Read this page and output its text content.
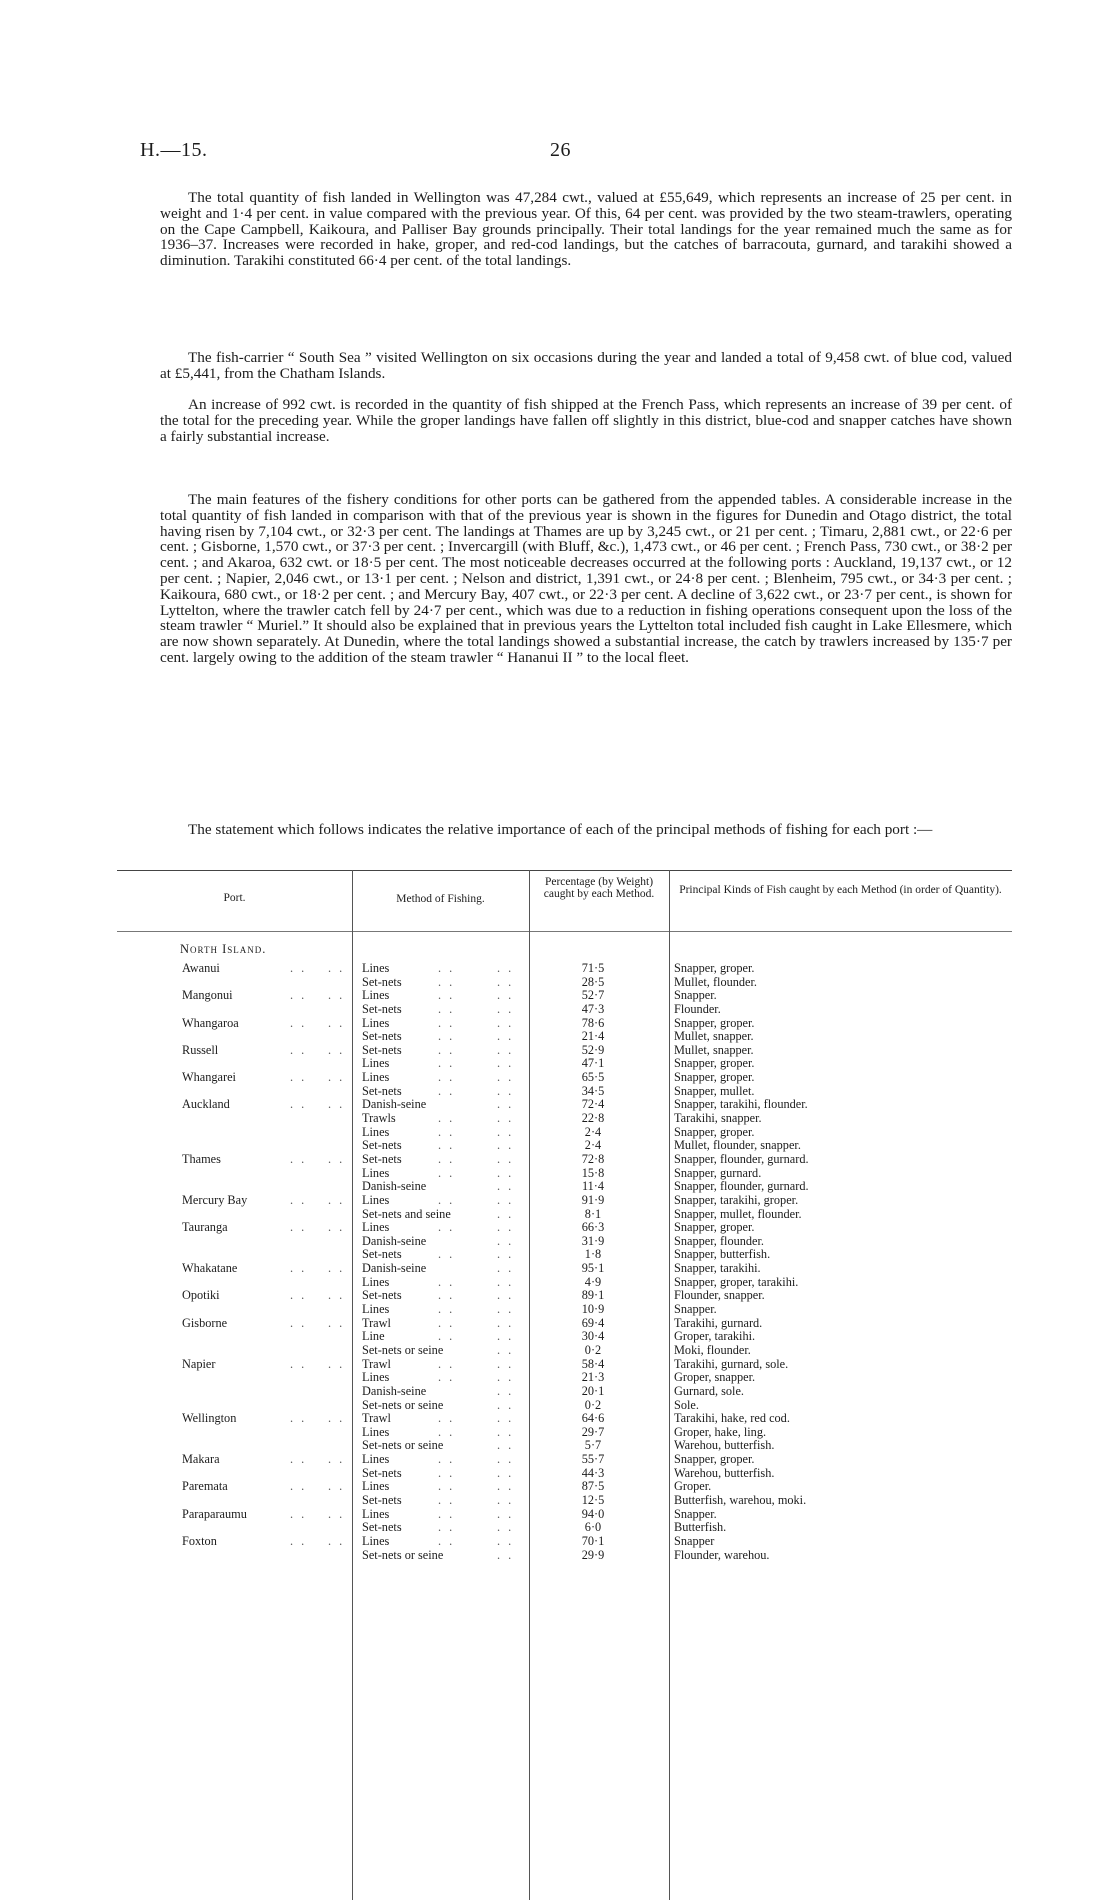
H.—15.	26

The total quantity of fish landed in Wellington was 47,284 cwt., valued at £55,649, which represents an increase of 25 per cent. in weight and 1·4 per cent. in value compared with the previous year. Of this, 64 per cent. was provided by the two steam-trawlers, operating on the Cape Campbell, Kaikoura, and Palliser Bay grounds principally. Their total landings for the year remained much the same as for 1936–37. Increases were recorded in hake, groper, and red-cod landings, but the catches of barracouta, gurnard, and tarakihi showed a diminution. Tarakihi constituted 66·4 per cent. of the total landings.

The fish-carrier “ South Sea ” visited Wellington on six occasions during the year and landed a total of 9,458 cwt. of blue cod, valued at £5,441, from the Chatham Islands.

An increase of 992 cwt. is recorded in the quantity of fish shipped at the French Pass, which represents an increase of 39 per cent. of the total for the preceding year. While the groper landings have fallen off slightly in this district, blue-cod and snapper catches have shown a fairly substantial increase.

The main features of the fishery conditions for other ports can be gathered from the appended tables. A considerable increase in the total quantity of fish landed in comparison with that of the previous year is shown in the figures for Dunedin and Otago district, the total having risen by 7,104 cwt., or 32·3 per cent. The landings at Thames are up by 3,245 cwt., or 21 per cent. ; Timaru, 2,881 cwt., or 22·6 per cent. ; Gisborne, 1,570 cwt., or 37·3 per cent. ; Invercargill (with Bluff, &c.), 1,473 cwt., or 46 per cent. ; French Pass, 730 cwt., or 38·2 per cent. ; and Akaroa, 632 cwt. or 18·5 per cent. The most noticeable decreases occurred at the following ports : Auckland, 19,137 cwt., or 12 per cent. ; Napier, 2,046 cwt., or 13·1 per cent. ; Nelson and district, 1,391 cwt., or 24·8 per cent. ; Blenheim, 795 cwt., or 34·3 per cent. ; Kaikoura, 680 cwt., or 18·2 per cent. ; and Mercury Bay, 407 cwt., or 22·3 per cent. A decline of 3,622 cwt., or 23·7 per cent., is shown for Lyttelton, where the trawler catch fell by 24·7 per cent., which was due to a reduction in fishing operations consequent upon the loss of the steam trawler “ Muriel.” It should also be explained that in previous years the Lyttelton total included fish caught in Lake Ellesmere, which are now shown separately. At Dunedin, where the total landings showed a substantial increase, the catch by trawlers increased by 135·7 per cent. largely owing to the addition of the steam trawler “ Hananui II ” to the local fleet.

The statement which follows indicates the relative importance of each of the principal methods of fishing for each port :—

Port.	Method of Fishing.
Percentage (by Weight) caught by each Method.	Principal Kinds of Fish caught by each Method (in order of Quantity).
North Island.
Awanui	.. .. Lines	..	..	71·5	Snapper, groper.
Set-nets	..	..	28·5	Mullet, flounder.
Mangonui	.. .. Lines	..	..	52·7	Snapper.
Set-nets	..	..	47·3	Flounder.
Whangaroa	.. .. Lines	..	..	78·6	Snapper, groper.
Set-nets	..	..	21·4	Mullet, snapper.
Russell	.. .. Set-nets	..	..	52·9	Mullet, snapper.
Lines	..	..	47·1	Snapper, groper.
Whangarei	.. .. Lines	..	..	65·5	Snapper, groper.
Set-nets	..	..	34·5	Snapper, mullet.
Auckland	.. .. Danish-seine	..	72·4	Snapper, tarakihi, flounder.
Trawls	..	..	22·8	Tarakihi, snapper.
Lines	..	..	2·4	Snapper, groper.
Set-nets	..	..	2·4	Mullet, flounder, snapper.
Thames	.. .. Set-nets	..	..	72·8	Snapper, flounder, gurnard.
Lines	..	..	15·8	Snapper, gurnard.
Danish-seine	..	11·4	Snapper, flounder, gurnard.
Mercury Bay	.. .. Lines	..	..	91·9	Snapper, tarakihi, groper.
Set-nets and seine	..	8·1	Snapper, mullet, flounder.
Tauranga	.. .. Lines	..	..	66·3	Snapper, groper.
Danish-seine	..	31·9	Snapper, flounder.
Set-nets	..	..	1·8	Snapper, butterfish.
Whakatane	.. .. Danish-seine	..	95·1	Snapper, tarakihi.
Lines	..	..	4·9	Snapper, groper, tarakihi.
Opotiki	.. .. Set-nets	..	..	89·1	Flounder, snapper.
Lines	..	..	10·9	Snapper.
Gisborne	.. .. Trawl	..	..	69·4	Tarakihi, gurnard.
Line	..	..	30·4	Groper, tarakihi.
Set-nets or seine	..	0·2	Moki, flounder.
Napier	.. .. Trawl	..	..	58·4	Tarakihi, gurnard, sole.
Lines	..	..	21·3	Groper, snapper.
Danish-seine	..	20·1	Gurnard, sole.
Set-nets or seine	..	0·2	Sole.
Wellington	.. .. Trawl	..	..	64·6	Tarakihi, hake, red cod.
Lines	..	..	29·7	Groper, hake, ling.
Set-nets or seine	..	5·7	Warehou, butterfish.
Makara	.. .. Lines	..	..	55·7	Snapper, groper.
Set-nets	..	..	44·3	Warehou, butterfish.
Paremata	.. .. Lines	..	..	87·5	Groper.
Set-nets	..	..	12·5	Butterfish, warehou, moki.
Paraparaumu	.. .. Lines	..	..	94·0	Snapper.
Set-nets	..	..	6·0	Butterfish.
Foxton	.. .. Lines	..	..	70·1	Snapper
Set-nets or seine	..	29·9	Flounder, warehou.
